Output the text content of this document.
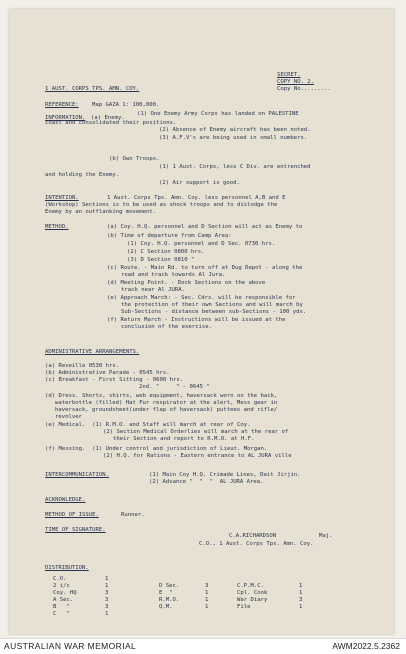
SECRET.
COPY NO. 2.
Copy No.........
1 AUST. CORPS TPS. AMN. COY.
REFERENCE: Map GAZA 1: 100,000.
INFORMATION. (a) Enemy.
(1) One Enemy Army Corps has landed on PALESTINE
coast and consolidated their positions.
(2) Absence of Enemy aircraft has been noted.
(3) A.F.V's are being used in small numbers.
(b) Own Troops.
(1) 1 Aust. Corps, less C Div. are entrenched
and holding the Enemy.
(2) Air support is good.
INTENTION.	1 Aust. Corps Tps. Amn. Coy. less personnel A,B and E
(Workshop) Sections is to be used as shock troops and to dislodge the
Enemy by an outflanking movement.
METHOD.	(a) Coy. H.Q. personnel and D Section will act as Enemy to
(b) Time of departure from Camp Area:
(1) Coy. H.Q. personnel and D Sec. 0730 hrs.
(2) C Section 0800 hrs.
(3) D Section 0810 "
(c) Route. - Main Rd. to turn off at Dug Depot - along the
road and track towards Al Jura.
(d) Meeting Point. - Dock Sections on the above
track near Al JURA.
(e) Approach March: - Sec. Cdrs. will be responsible for
the protection of their own Sections and will march by
Sub-Sections - distance between sub-Sections - 100 yds.
(f) Return March - Instructions will be issued at the
conclusion of the exercise.
ADMINISTRATIVE ARRANGEMENTS.
(a) Reveille 0530 hrs.
(b) Administrative Parade - 0545 hrs.
(c) Breakfast - First Sitting - 0600 hrs.
2nd. "     " - 0645 "
(d) Dress. Shorts, shirts, web equipment, haversack worn on the back,
waterbottle (filled) Hat Fur respirator at the alert, Mess gear in
haversack, groundsheet(under flap of haversack) puttees and rifle/
revolver
(e) Medical.  (1) R.M.O. and Staff will march at rear of Coy.
(2) Section Medical Orderlies will march at the rear of
their Section and report to R.M.O. at H.F.
(f) Messing.  (1) Under control and jurisdiction of Lieut. Morgan.
(2) H.Q. for Rations - Eastern entrance to AL JURA ville
INTERCOMMUNICATION.	(1) Main Coy H.Q. Crimade Lines, Dait Jirjin.
(2) Advance "  "  "  AL JURA Area.
ACKNOWLEDGE.
METHOD OF ISSUE.	Runner.
TIME OF SIGNATURE.
C.A.RICHARDSON	Maj.
C.O., 1 Aust. Corps Tps. Amn. Coy.
DISTRIBUTION.
C.O.	1
2 i/c	1
Coy. HQ	3
A Sec.	3
B   "	3
C   "	1
D Sec.	3
E  "	1
R.M.O.	1
Q.M.	1
C.P.M.C.	1
Cpl. Cook	1
War Diary	3
File	1
AUSTRALIAN WAR MEMORIAL	AWM2022.5.2362
